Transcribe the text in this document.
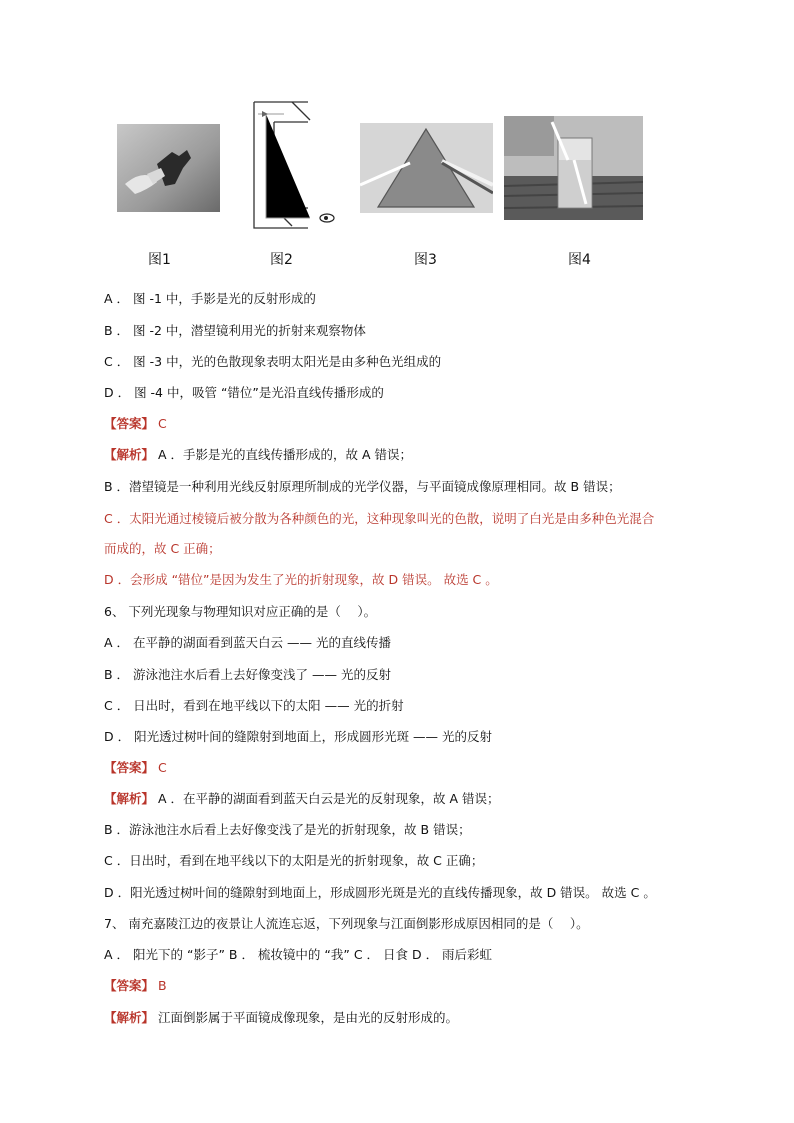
图1	图2	图3	图4
A ． 图 -1 中，手影是光的反射形成的
B ． 图 -2 中，潜望镜利用光的折射来观察物体
C ． 图 -3 中，光的色散现象表明太阳光是由多种色光组成的
D ． 图 -4 中，吸管 “错位”是光沿直线传播形成的
【答案】 C
【解析】 A ．手影是光的直线传播形成的，故 A 错误；
B ．潜望镜是一种利用光线反射原理所制成的光学仪器，与平面镜成像原理相同。故 B 错误；
C ．太阳光通过棱镜后被分散为各种颜色的光，这种现象叫光的色散，说明了白光是由多种色光混合
而成的，故 C 正确；
D ．会形成 “错位”是因为发生了光的折射现象，故 D 错误。 故选 C 。
6、 下列光现象与物理知识对应正确的是（　 ）。
A ． 在平静的湖面看到蓝天白云 —— 光的直线传播
B ． 游泳池注水后看上去好像变浅了 —— 光的反射
C ． 日出时，看到在地平线以下的太阳 —— 光的折射
D ． 阳光透过树叶间的缝隙射到地面上，形成圆形光斑 —— 光的反射
【答案】 C
【解析】 A ．在平静的湖面看到蓝天白云是光的反射现象，故 A 错误；
B ．游泳池注水后看上去好像变浅了是光的折射现象，故 B 错误；
C ．日出时，看到在地平线以下的太阳是光的折射现象，故 C 正确；
D ．阳光透过树叶间的缝隙射到地面上，形成圆形光斑是光的直线传播现象，故 D 错误。 故选 C 。
7、 南充嘉陵江边的夜景让人流连忘返，下列现象与江面倒影形成原因相同的是（　 ）。
A ． 阳光下的 “影子” B ． 梳妆镜中的 “我” C ． 日食 D ． 雨后彩虹
【答案】 B
【解析】 江面倒影属于平面镜成像现象，是由光的反射形成的。
